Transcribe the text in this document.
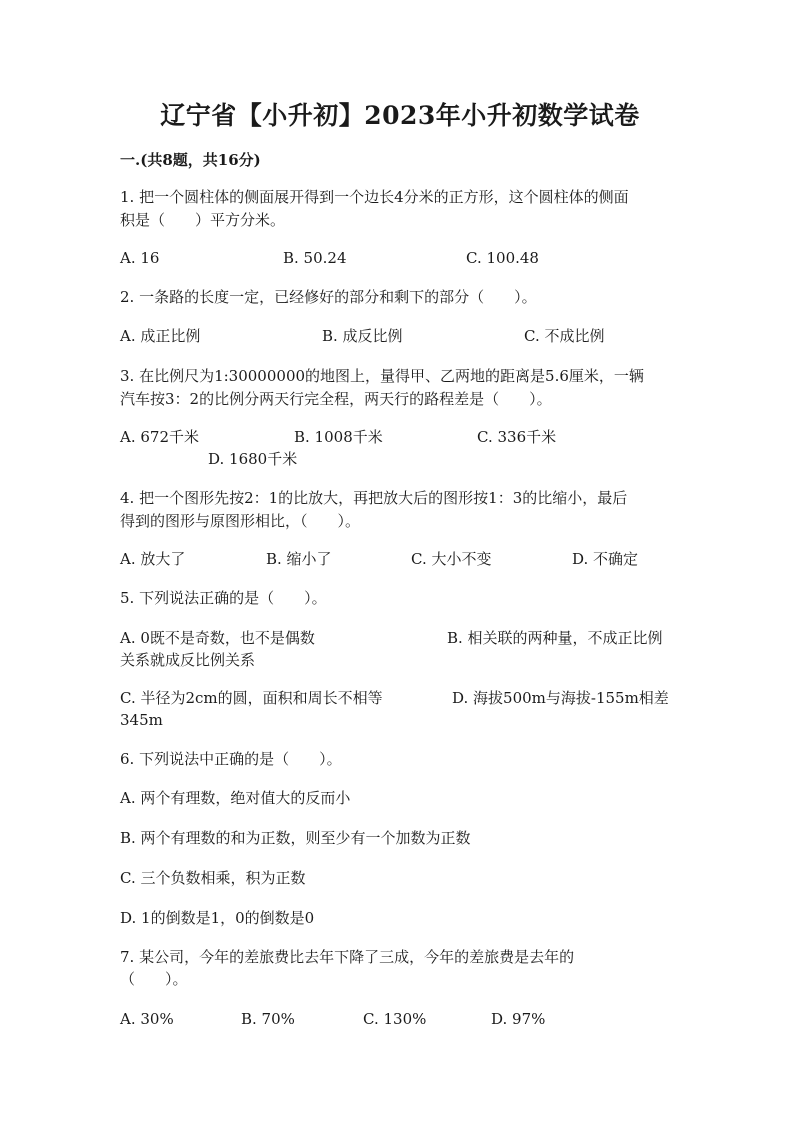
辽宁省【小升初】2023年小升初数学试卷
一.(共8题，共16分)
1. 把一个圆柱体的侧面展开得到一个边长4分米的正方形，这个圆柱体的侧面
积是（　　）平方分米。
A. 16	B. 50.24	C. 100.48
2. 一条路的长度一定，已经修好的部分和剩下的部分（　　）。
A. 成正比例	B. 成反比例	C. 不成比例
3. 在比例尺为1:30000000的地图上，量得甲、乙两地的距离是5.6厘米，一辆
汽车按3：2的比例分两天行完全程，两天行的路程差是（　　）。
A. 672千米	B. 1008千米	C. 336千米
D. 1680千米
4. 把一个图形先按2：1的比放大，再把放大后的图形按1：3的比缩小，最后
得到的图形与原图形相比，（　　）。
A. 放大了	B. 缩小了	C. 大小不变	D. 不确定
5. 下列说法正确的是（　　）。
A. 0既不是奇数，也不是偶数	B. 相关联的两种量，不成正比例
关系就成反比例关系
C. 半径为2cm的圆，面积和周长不相等	D. 海拔500m与海拔-155m相差
345m
6. 下列说法中正确的是（　　）。
A. 两个有理数，绝对值大的反而小
B. 两个有理数的和为正数，则至少有一个加数为正数
C. 三个负数相乘，积为正数
D. 1的倒数是1，0的倒数是0
7. 某公司，今年的差旅费比去年下降了三成，今年的差旅费是去年的
（　　）。
A. 30%	B. 70%	C. 130%	D. 97%
